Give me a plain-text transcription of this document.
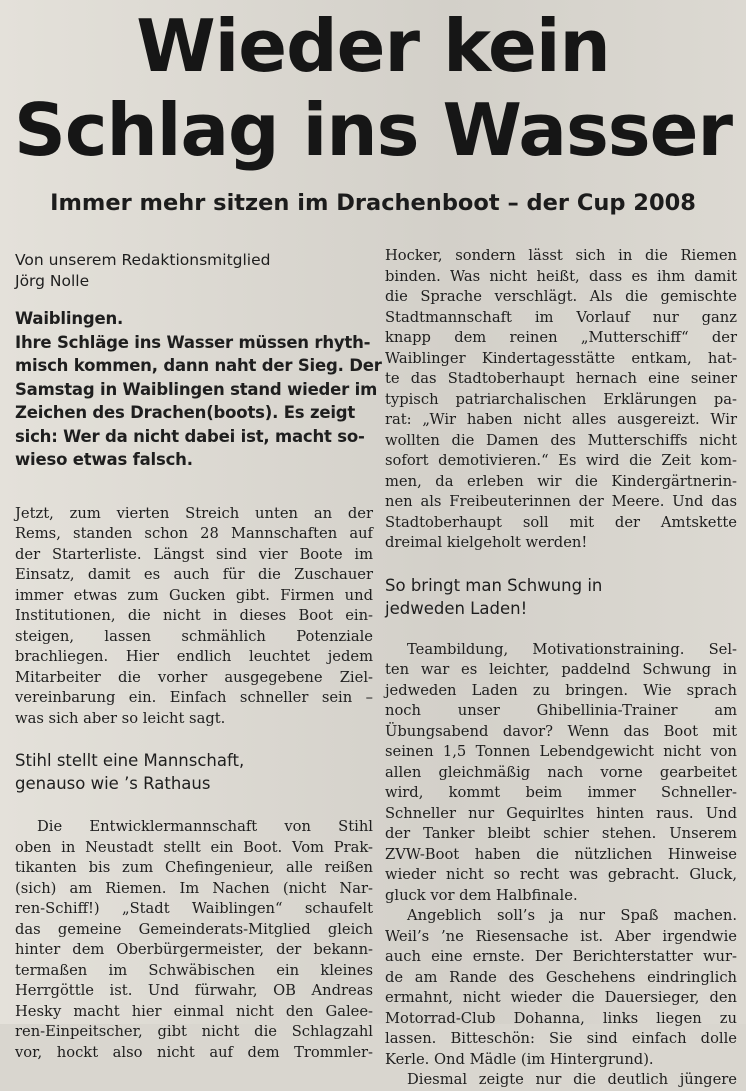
Wieder kein
Schlag ins Wasser
Immer mehr sitzen im Drachenboot – der Cup 2008

Von unserem Redaktionsmitglied

Jörg Nolle

Waiblingen.

Ihre Schläge ins Wasser müssen rhyth-

misch kommen, dann naht der Sieg. Der

Samstag in Waiblingen stand wieder im

Zeichen des Drachen(boots). Es zeigt

sich: Wer da nicht dabei ist, macht so-

wieso etwas falsch.

Jetzt, zum vierten Streich unten an der

Rems, standen schon 28 Mannschaften auf

der Starterliste. Längst sind vier Boote im

Einsatz, damit es auch für die Zuschauer

immer etwas zum Gucken gibt. Firmen und

Institutionen, die nicht in dieses Boot ein-

steigen, lassen schmählich Potenziale

brachliegen. Hier endlich leuchtet jedem

Mitarbeiter die vorher ausgegebene Ziel-

vereinbarung ein. Einfach schneller sein –

was sich aber so leicht sagt.

Stihl stellt eine Mannschaft,

genauso wie ’s Rathaus

Die Entwicklermannschaft von Stihl

oben in Neustadt stellt ein Boot. Vom Prak-

tikanten bis zum Chefingenieur, alle reißen

(sich) am Riemen. Im Nachen (nicht Nar-

ren-Schiff!) „Stadt Waiblingen“ schaufelt

das gemeine Gemeinderats-Mitglied gleich

hinter dem Oberbürgermeister, der bekann-

termaßen im Schwäbischen ein kleines

Herrgöttle ist. Und fürwahr, OB Andreas

Hesky macht hier einmal nicht den Galee-

ren-Einpeitscher, gibt nicht die Schlagzahl

vor, hockt also nicht auf dem Trommler-

Hocker, sondern lässt sich in die Riemen

binden. Was nicht heißt, dass es ihm damit

die Sprache verschlägt. Als die gemischte

Stadtmannschaft im Vorlauf nur ganz

knapp dem reinen „Mutterschiff“ der

Waiblinger Kindertagesstätte entkam, hat-

te das Stadtoberhaupt hernach eine seiner

typisch patriarchalischen Erklärungen pa-

rat: „Wir haben nicht alles ausgereizt. Wir

wollten die Damen des Mutterschiffs nicht

sofort demotivieren.“ Es wird die Zeit kom-

men, da erleben wir die Kindergärtnerin-

nen als Freibeuterinnen der Meere. Und das

Stadtoberhaupt soll mit der Amtskette

dreimal kielgeholt werden!

So bringt man Schwung in

jedweden Laden!

Teambildung, Motivationstraining. Sel-

ten war es leichter, paddelnd Schwung in

jedweden Laden zu bringen. Wie sprach

noch unser Ghibellinia-Trainer am

Übungsabend davor? Wenn das Boot mit

seinen 1,5 Tonnen Lebendgewicht nicht von

allen gleichmäßig nach vorne gearbeitet

wird, kommt beim immer Schneller-

Schneller nur Gequirltes hinten raus. Und

der Tanker bleibt schier stehen. Unserem

ZVW-Boot haben die nützlichen Hinweise

wieder nicht so recht was gebracht. Gluck,

gluck vor dem Halbfinale.

Angeblich soll’s ja nur Spaß machen.

Weil’s ’ne Riesensache ist. Aber irgendwie

auch eine ernste. Der Berichterstatter wur-

de am Rande des Geschehens eindringlich

ermahnt, nicht wieder die Dauersieger, den

Motorrad-Club Dohanna, links liegen zu

lassen. Bitteschön: Sie sind einfach dolle

Kerle. Ond Mädle (im Hintergrund).

Diesmal zeigte nur die deutlich jüngere
